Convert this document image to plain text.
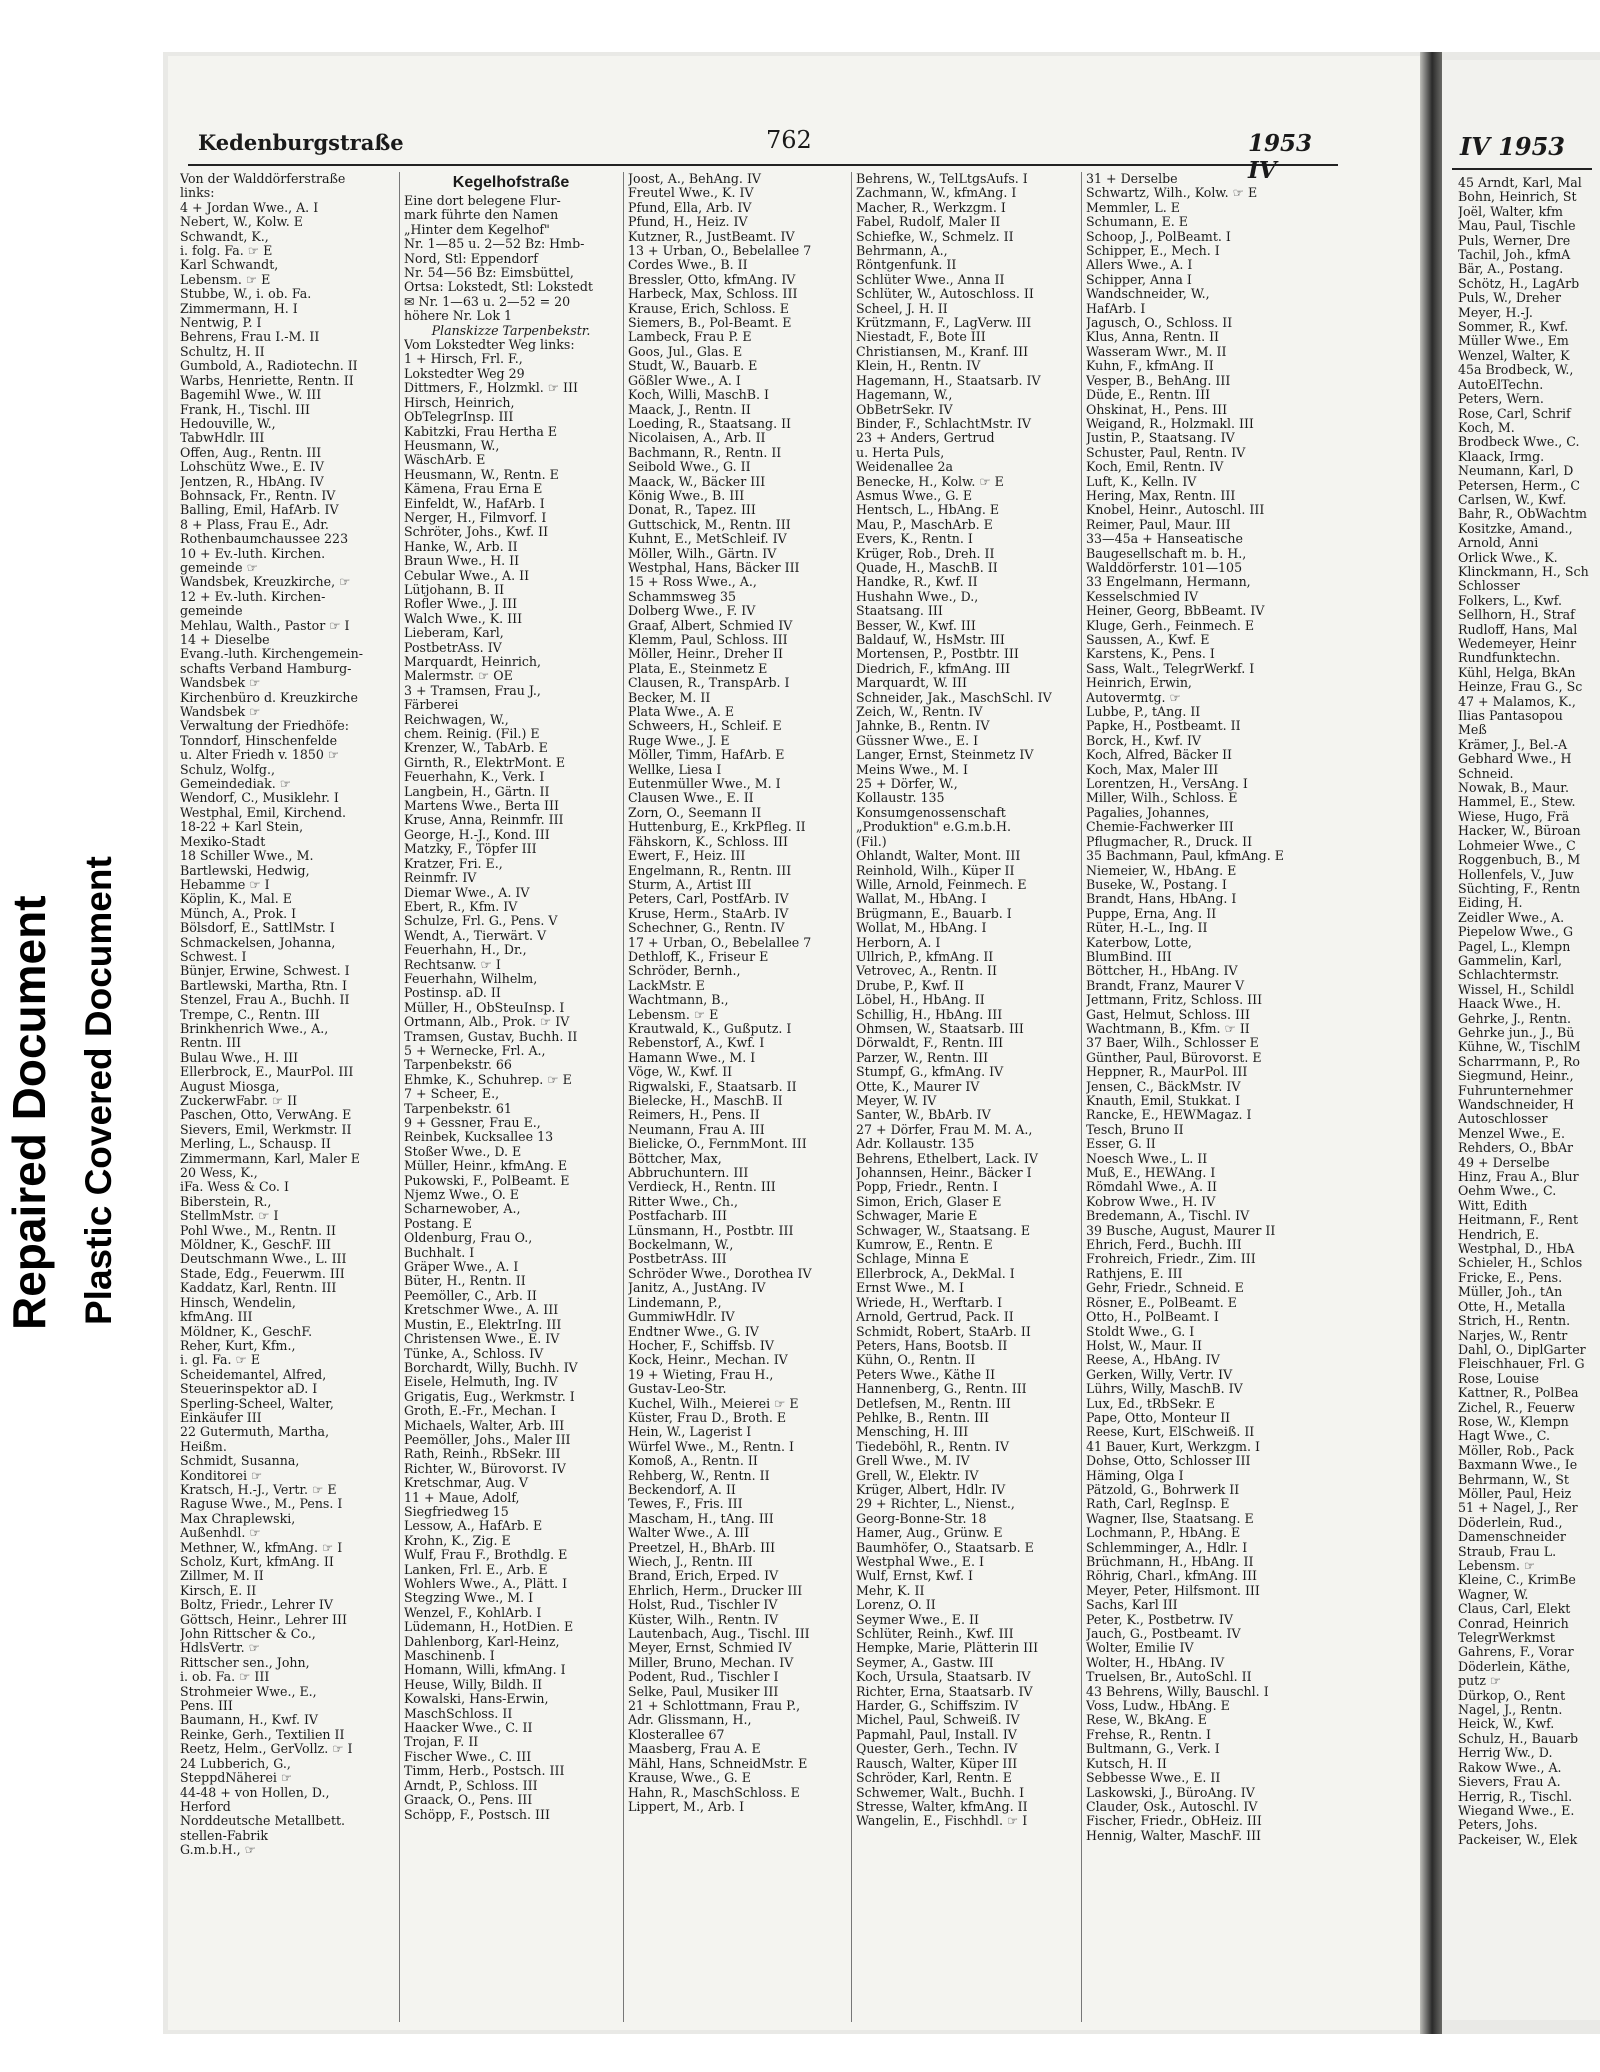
Repaired Document Plastic Covered Document
Kedenburgstraße	762	1953 IV
Von der Walddörferstraße
links:
4 + Jordan Wwe., A. I
Nebert, W., Kolw. E
Schwandt, K.,
i. folg. Fa. ☞ E
Karl Schwandt,
Lebensm. ☞ E
Stubbe, W., i. ob. Fa.
Zimmermann, H. I
Nentwig, P. I
Behrens, Frau I.-M. II
Schultz, H. II
Gumbold, A., Radiotechn. II
Warbs, Henriette, Rentn. II
Bagemihl Wwe., W. III
Frank, H., Tischl. III
Hedouville, W.,
TabwHdlr. III
Offen, Aug., Rentn. III
Lohschütz Wwe., E. IV
Jentzen, R., HbAng. IV
Bohnsack, Fr., Rentn. IV
Balling, Emil, HafArb. IV
8 + Plass, Frau E., Adr.
Rothenbaumchaussee 223
10 + Ev.-luth. Kirchen.
gemeinde ☞
Wandsbek, Kreuzkirche, ☞
12 + Ev.-luth. Kirchen-
gemeinde
Mehlau, Walth., Pastor ☞ I
14 + Dieselbe
Evang.-luth. Kirchengemein-
schafts Verband Hamburg-
Wandsbek ☞
Kirchenbüro d. Kreuzkirche
Wandsbek ☞
Verwaltung der Friedhöfe:
Tonndorf, Hinschenfelde
u. Alter Friedh v. 1850 ☞
Schulz, Wolfg.,
Gemeindediak. ☞
Wendorf, C., Musiklehr. I
Westphal, Emil, Kirchend.
18-22 + Karl Stein,
Mexiko-Stadt
18 Schiller Wwe., M.
Bartlewski, Hedwig,
Hebamme ☞ I
Köplin, K., Mal. E
Münch, A., Prok. I
Bölsdorf, E., SattlMstr. I
Schmackelsen, Johanna,
Schwest. I
Bünjer, Erwine, Schwest. I
Bartlewski, Martha, Rtn. I
Stenzel, Frau A., Buchh. II
Trempe, C., Rentn. III
Brinkhenrich Wwe., A.,
Rentn. III
Bulau Wwe., H. III
Ellerbrock, E., MaurPol. III
August Miosga,
ZuckerwFabr. ☞ II
Paschen, Otto, VerwAng. E
Sievers, Emil, Werkmstr. II
Merling, L., Schausp. II
Zimmermann, Karl, Maler E
20 Wess, K.,
iFa. Wess & Co. I
Biberstein, R.,
StellmMstr. ☞ I
Pohl Wwe., M., Rentn. II
Möldner, K., GeschF. III
Deutschmann Wwe., L. III
Stade, Edg., Feuerwm. III
Kaddatz, Karl, Rentn. III
Hinsch, Wendelin,
kfmAng. III
Möldner, K., GeschF.
Reher, Kurt, Kfm.,
i. gl. Fa. ☞ E
Scheidemantel, Alfred,
Steuerinspektor aD. I
Sperling-Scheel, Walter,
Einkäufer III
22 Gutermuth, Martha,
Heißm.
Schmidt, Susanna,
Konditorei ☞
Kratsch, H.-J., Vertr. ☞ E
Raguse Wwe., M., Pens. I
Max Chraplewski,
Außenhdl. ☞
Methner, W., kfmAng. ☞ I
Scholz, Kurt, kfmAng. II
Zillmer, M. II
Kirsch, E. II
Boltz, Friedr., Lehrer IV
Göttsch, Heinr., Lehrer III
John Rittscher & Co.,
HdlsVertr. ☞
Rittscher sen., John,
i. ob. Fa. ☞ III
Strohmeier Wwe., E.,
Pens. III
Baumann, H., Kwf. IV
Reinke, Gerh., Textilien II
Reetz, Helm., GerVollz. ☞ I
24 Lubberich, G.,
SteppdNäherei ☞
44-48 + von Hollen, D.,
Herford
Norddeutsche Metallbett.
stellen-Fabrik
G.m.b.H., ☞
Kegelhofstraße
Eine dort belegene Flur-
mark führte den Namen
„Hinter dem Kegelhof"
Nr. 1—85 u. 2—52 Bz: Hmb-
Nord, Stl: Eppendorf
Nr. 54—56 Bz: Eimsbüttel,
Ortsa: Lokstedt, Stl: Lokstedt
✉ Nr. 1—63 u. 2—52 = 20
höhere Nr. Lok 1
Planskizze Tarpenbekstr.
Vom Lokstedter Weg links:
1 + Hirsch, Frl. F.,
Lokstedter Weg 29
Dittmers, F., Holzmkl. ☞ III
Hirsch, Heinrich,
ObTelegrInsp. III
Kabitzki, Frau Hertha E
Heusmann, W.,
WäschArb. E
Heusmann, W., Rentn. E
Kämena, Frau Erna E
Einfeldt, W., HafArb. I
Nerger, H., Filmvorf. I
Schröter, Johs., Kwf. II
Hanke, W., Arb. II
Braun Wwe., H. II
Cebular Wwe., A. II
Lütjohann, B. II
Rofler Wwe., J. III
Walch Wwe., K. III
Lieberam, Karl,
PostbetrAss. IV
Marquardt, Heinrich,
Malermstr. ☞ OE
3 + Tramsen, Frau J.,
Färberei
Reichwagen, W.,
chem. Reinig. (Fil.) E
Krenzer, W., TabArb. E
Girnth, R., ElektrMont. E
Feuerhahn, K., Verk. I
Langbein, H., Gärtn. II
Martens Wwe., Berta III
Kruse, Anna, Reinmfr. III
George, H.-J., Kond. III
Matzky, F., Töpfer III
Kratzer, Fri. E.,
Reinmfr. IV
Diemar Wwe., A. IV
Ebert, R., Kfm. IV
Schulze, Frl. G., Pens. V
Wendt, A., Tierwärt. V
Feuerhahn, H., Dr.,
Rechtsanw. ☞ I
Feuerhahn, Wilhelm,
Postinsp. aD. II
Müller, H., ObSteuInsp. I
Ortmann, Alb., Prok. ☞ IV
Tramsen, Gustav, Buchh. II
5 + Wernecke, Frl. A.,
Tarpenbekstr. 66
Ehmke, K., Schuhrep. ☞ E
7 + Scheer, E.,
Tarpenbekstr. 61
9 + Gessner, Frau E.,
Reinbek, Kucksallee 13
Stoßer Wwe., D. E
Müller, Heinr., kfmAng. E
Pukowski, F., PolBeamt. E
Njemz Wwe., O. E
Scharnewober, A.,
Postang. E
Oldenburg, Frau O.,
Buchhalt. I
Gräper Wwe., A. I
Büter, H., Rentn. II
Peemöller, C., Arb. II
Kretschmer Wwe., A. III
Mustin, E., ElektrIng. III
Christensen Wwe., E. IV
Tünke, A., Schloss. IV
Borchardt, Willy, Buchh. IV
Eisele, Helmuth, Ing. IV
Grigatis, Eug., Werkmstr. I
Groth, E.-Fr., Mechan. I
Michaels, Walter, Arb. III
Peemöller, Johs., Maler III
Rath, Reinh., RbSekr. III
Richter, W., Bürovorst. IV
Kretschmar, Aug. V
11 + Maue, Adolf,
Siegfriedweg 15
Lessow, A., HafArb. E
Krohn, K., Zig. E
Wulf, Frau F., Brothdlg. E
Lanken, Frl. E., Arb. E
Wohlers Wwe., A., Plätt. I
Stegzing Wwe., M. I
Wenzel, F., KohlArb. I
Lüdemann, H., HotDien. E
Dahlenborg, Karl-Heinz,
Maschinenb. I
Homann, Willi, kfmAng. I
Heuse, Willy, Bildh. II
Kowalski, Hans-Erwin,
MaschSchloss. II
Haacker Wwe., C. II
Trojan, F. II
Fischer Wwe., C. III
Timm, Herb., Postsch. III
Arndt, P., Schloss. III
Graack, O., Pens. III
Schöpp, F., Postsch. III
Joost, A., BehAng. IV
Freutel Wwe., K. IV
Pfund, Ella, Arb. IV
Pfund, H., Heiz. IV
Kutzner, R., JustBeamt. IV
13 + Urban, O., Bebelallee 7
Cordes Wwe., B. II
Bressler, Otto, kfmAng. IV
Harbeck, Max, Schloss. III
Krause, Erich, Schloss. E
Siemers, B., Pol-Beamt. E
Lambeck, Frau P. E
Goos, Jul., Glas. E
Studt, W., Bauarb. E
Gößler Wwe., A. I
Koch, Willi, MaschB. I
Maack, J., Rentn. II
Loeding, R., Staatsang. II
Nicolaisen, A., Arb. II
Bachmann, R., Rentn. II
Seibold Wwe., G. II
Maack, W., Bäcker III
König Wwe., B. III
Donat, R., Tapez. III
Guttschick, M., Rentn. III
Kuhnt, E., MetSchleif. IV
Möller, Wilh., Gärtn. IV
Westphal, Hans, Bäcker III
15 + Ross Wwe., A.,
Schammsweg 35
Dolberg Wwe., F. IV
Graaf, Albert, Schmied IV
Klemm, Paul, Schloss. III
Möller, Heinr., Dreher II
Plata, E., Steinmetz E
Clausen, R., TranspArb. I
Becker, M. II
Plata Wwe., A. E
Schweers, H., Schleif. E
Ruge Wwe., J. E
Möller, Timm, HafArb. E
Wellke, Liesa I
Eutenmüller Wwe., M. I
Clausen Wwe., E. II
Zorn, O., Seemann II
Huttenburg, E., KrkPfleg. II
Fähskorn, K., Schloss. III
Ewert, F., Heiz. III
Engelmann, R., Rentn. III
Sturm, A., Artist III
Peters, Carl, PostfArb. IV
Kruse, Herm., StaArb. IV
Schechner, G., Rentn. IV
17 + Urban, O., Bebelallee 7
Dethloff, K., Friseur E
Schröder, Bernh.,
LackMstr. E
Wachtmann, B.,
Lebensm. ☞ E
Krautwald, K., Gußputz. I
Rebenstorf, A., Kwf. I
Hamann Wwe., M. I
Vöge, W., Kwf. II
Rigwalski, F., Staatsarb. II
Bielecke, H., MaschB. II
Reimers, H., Pens. II
Neumann, Frau A. III
Bielicke, O., FernmMont. III
Böttcher, Max,
Abbruchuntern. III
Verdieck, H., Rentn. III
Ritter Wwe., Ch.,
Postfacharb. III
Lünsmann, H., Postbtr. III
Bockelmann, W.,
PostbetrAss. III
Schröder Wwe., Dorothea IV
Janitz, A., JustAng. IV
Lindemann, P.,
GummiwHdlr. IV
Endtner Wwe., G. IV
Hocher, F., Schiffsb. IV
Kock, Heinr., Mechan. IV
19 + Wieting, Frau H.,
Gustav-Leo-Str.
Kuchel, Wilh., Meierei ☞ E
Küster, Frau D., Broth. E
Hein, W., Lagerist I
Würfel Wwe., M., Rentn. I
Komoß, A., Rentn. II
Rehberg, W., Rentn. II
Beckendorf, A. II
Tewes, F., Fris. III
Mascham, H., tAng. III
Walter Wwe., A. III
Preetzel, H., BhArb. III
Wiech, J., Rentn. III
Brand, Erich, Erped. IV
Ehrlich, Herm., Drucker III
Holst, Rud., Tischler IV
Küster, Wilh., Rentn. IV
Lautenbach, Aug., Tischl. III
Meyer, Ernst, Schmied IV
Miller, Bruno, Mechan. IV
Podent, Rud., Tischler I
Selke, Paul, Musiker III
21 + Schlottmann, Frau P.,
Adr. Glissmann, H.,
Klosterallee 67
Maasberg, Frau A. E
Mähl, Hans, SchneidMstr. E
Krause, Wwe., G. E
Hahn, R., MaschSchloss. E
Lippert, M., Arb. I
Behrens, W., TelLtgsAufs. I
Zachmann, W., kfmAng. I
Macher, R., Werkzgm. I
Fabel, Rudolf, Maler II
Schiefke, W., Schmelz. II
Behrmann, A.,
Röntgenfunk. II
Schlüter Wwe., Anna II
Schlüter, W., Autoschloss. II
Scheel, J. H. II
Krützmann, F., LagVerw. III
Niestadt, F., Bote III
Christiansen, M., Kranf. III
Klein, H., Rentn. IV
Hagemann, H., Staatsarb. IV
Hagemann, W.,
ObBetrSekr. IV
Binder, F., SchlachtMstr. IV
23 + Anders, Gertrud
u. Herta Puls,
Weidenallee 2a
Benecke, H., Kolw. ☞ E
Asmus Wwe., G. E
Hentsch, L., HbAng. E
Mau, P., MaschArb. E
Evers, K., Rentn. I
Krüger, Rob., Dreh. II
Quade, H., MaschB. II
Handke, R., Kwf. II
Hushahn Wwe., D.,
Staatsang. III
Besser, W., Kwf. III
Baldauf, W., HsMstr. III
Mortensen, P., Postbtr. III
Diedrich, F., kfmAng. III
Marquardt, W. III
Schneider, Jak., MaschSchl. IV
Zeich, W., Rentn. IV
Jahnke, B., Rentn. IV
Güssner Wwe., E. I
Langer, Ernst, Steinmetz IV
Meins Wwe., M. I
25 + Dörfer, W.,
Kollaustr. 135
Konsumgenossenschaft
„Produktion" e.G.m.b.H.
(Fil.)
Ohlandt, Walter, Mont. III
Reinhold, Wilh., Küper II
Wille, Arnold, Feinmech. E
Wallat, M., HbAng. I
Brügmann, E., Bauarb. I
Wollat, M., HbAng. I
Herborn, A. I
Ullrich, P., kfmAng. II
Vetrovec, A., Rentn. II
Drube, P., Kwf. II
Löbel, H., HbAng. II
Schillig, H., HbAng. III
Ohmsen, W., Staatsarb. III
Dörwaldt, F., Rentn. III
Parzer, W., Rentn. III
Stumpf, G., kfmAng. IV
Otte, K., Maurer IV
Meyer, W. IV
Santer, W., BbArb. IV
27 + Dörfer, Frau M. M. A.,
Adr. Kollaustr. 135
Behrens, Ethelbert, Lack. IV
Johannsen, Heinr., Bäcker I
Popp, Friedr., Rentn. I
Simon, Erich, Glaser E
Schwager, Marie E
Schwager, W., Staatsang. E
Kumrow, E., Rentn. E
Schlage, Minna E
Ellerbrock, A., DekMal. I
Ernst Wwe., M. I
Wriede, H., Werftarb. I
Arnold, Gertrud, Pack. II
Schmidt, Robert, StaArb. II
Peters, Hans, Bootsb. II
Kühn, O., Rentn. II
Peters Wwe., Käthe II
Hannenberg, G., Rentn. III
Detlefsen, M., Rentn. III
Pehlke, B., Rentn. III
Mensching, H. III
Tiedeböhl, R., Rentn. IV
Grell Wwe., M. IV
Grell, W., Elektr. IV
Krüger, Albert, Hdlr. IV
29 + Richter, L., Nienst.,
Georg-Bonne-Str. 18
Hamer, Aug., Grünw. E
Baumhöfer, O., Staatsarb. E
Westphal Wwe., E. I
Wulf, Ernst, Kwf. I
Mehr, K. II
Lorenz, O. II
Seymer Wwe., E. II
Schlüter, Reinh., Kwf. III
Hempke, Marie, Plätterin III
Seymer, A., Gastw. III
Koch, Ursula, Staatsarb. IV
Richter, Erna, Staatsarb. IV
Harder, G., Schiffszim. IV
Michel, Paul, Schweiß. IV
Papmahl, Paul, Install. IV
Quester, Gerh., Techn. IV
Rausch, Walter, Küper III
Schröder, Karl, Rentn. E
Schwemer, Walt., Buchh. I
Stresse, Walter, kfmAng. II
Wangelin, E., Fischhdl. ☞ I
31 + Derselbe
Schwartz, Wilh., Kolw. ☞ E
Memmler, L. E
Schumann, E. E
Schoop, J., PolBeamt. I
Schipper, E., Mech. I
Allers Wwe., A. I
Schipper, Anna I
Wandschneider, W.,
HafArb. I
Jagusch, O., Schloss. II
Klus, Anna, Rentn. II
Wasseram Wwr., M. II
Kuhn, F., kfmAng. II
Vesper, B., BehAng. III
Düde, E., Rentn. III
Ohskinat, H., Pens. III
Weigand, R., Holzmakl. III
Justin, P., Staatsang. IV
Schuster, Paul, Rentn. IV
Koch, Emil, Rentn. IV
Luft, K., Kelln. IV
Hering, Max, Rentn. III
Knobel, Heinr., Autoschl. III
Reimer, Paul, Maur. III
33—45a + Hanseatische
Baugesellschaft m. b. H.,
Walddörferstr. 101—105
33 Engelmann, Hermann,
Kesselschmied IV
Heiner, Georg, BbBeamt. IV
Kluge, Gerh., Feinmech. E
Saussen, A., Kwf. E
Karstens, K., Pens. I
Sass, Walt., TelegrWerkf. I
Heinrich, Erwin,
Autovermtg. ☞
Lubbe, P., tAng. II
Papke, H., Postbeamt. II
Borck, H., Kwf. IV
Koch, Alfred, Bäcker II
Koch, Max, Maler III
Lorentzen, H., VersAng. I
Miller, Wilh., Schloss. E
Pagalies, Johannes,
Chemie-Fachwerker III
Pflugmacher, R., Druck. II
35 Bachmann, Paul, kfmAng. E
Niemeier, W., HbAng. E
Buseke, W., Postang. I
Brandt, Hans, HbAng. I
Puppe, Erna, Ang. II
Rüter, H.-L., Ing. II
Katerbow, Lotte,
BlumBind. III
Böttcher, H., HbAng. IV
Brandt, Franz, Maurer V
Jettmann, Fritz, Schloss. III
Gast, Helmut, Schloss. III
Wachtmann, B., Kfm. ☞ II
37 Baer, Wilh., Schlosser E
Günther, Paul, Bürovorst. E
Heppner, R., MaurPol. III
Jensen, C., BäckMstr. IV
Knauth, Emil, Stukkat. I
Rancke, E., HEWMagaz. I
Tesch, Bruno II
Esser, G. II
Noesch Wwe., L. II
Muß, E., HEWAng. I
Römdahl Wwe., A. II
Kobrow Wwe., H. IV
Bredemann, A., Tischl. IV
39 Busche, August, Maurer II
Ehrich, Ferd., Buchh. III
Frohreich, Friedr., Zim. III
Rathjens, E. III
Gehr, Friedr., Schneid. E
Rösner, E., PolBeamt. E
Otto, H., PolBeamt. I
Stoldt Wwe., G. I
Holst, W., Maur. II
Reese, A., HbAng. IV
Gerken, Willy, Vertr. IV
Lührs, Willy, MaschB. IV
Lux, Ed., tRbSekr. E
Pape, Otto, Monteur II
Reese, Kurt, ElSchweiß. II
41 Bauer, Kurt, Werkzgm. I
Dohse, Otto, Schlosser III
Häming, Olga I
Pätzold, G., Bohrwerk II
Rath, Carl, RegInsp. E
Wagner, Ilse, Staatsang. E
Lochmann, P., HbAng. E
Schlemminger, A., Hdlr. I
Brüchmann, H., HbAng. II
Röhrig, Charl., kfmAng. III
Meyer, Peter, Hilfsmont. III
Sachs, Karl III
Peter, K., Postbetrw. IV
Jauch, G., Postbeamt. IV
Wolter, Emilie IV
Wolter, H., HbAng. IV
Truelsen, Br., AutoSchl. II
43 Behrens, Willy, Bauschl. I
Voss, Ludw., HbAng. E
Rese, W., BkAng. E
Frehse, R., Rentn. I
Bultmann, G., Verk. I
Kutsch, H. II
Sebbesse Wwe., E. II
Laskowski, J., BüroAng. IV
Clauder, Osk., Autoschl. IV
Fischer, Friedr., ObHeiz. III
Hennig, Walter, MaschF. III
IV 1953
45 Arndt, Karl, Mal
Bohn, Heinrich, St
Joël, Walter, kfm
Mau, Paul, Tischle
Puls, Werner, Dre
Tachil, Joh., kfmA
Bär, A., Postang.
Schötz, H., LagArb
Puls, W., Dreher
Meyer, H.-J.
Sommer, R., Kwf.
Müller Wwe., Em
Wenzel, Walter, K
45a Brodbeck, W.,
AutoElTechn.
Peters, Wern.
Rose, Carl, Schrif
Koch, M.
Brodbeck Wwe., C.
Klaack, Irmg.
Neumann, Karl, D
Petersen, Herm., C
Carlsen, W., Kwf.
Bahr, R., ObWachtm
Kositzke, Amand.,
Arnold, Anni
Orlick Wwe., K.
Klinckmann, H., Sch
Schlosser
Folkers, L., Kwf.
Sellhorn, H., Straf
Rudloff, Hans, Mal
Wedemeyer, Heinr
Rundfunktechn.
Kühl, Helga, BkAn
Heinze, Frau G., Sc
47 + Malamos, K.,
Ilias Pantasopou
Meß
Krämer, J., Bel.-A
Gebhard Wwe., H
Schneid.
Nowak, B., Maur.
Hammel, E., Stew.
Wiese, Hugo, Frä
Hacker, W., Büroan
Lohmeier Wwe., C
Roggenbuch, B., M
Hollenfels, V., Juw
Süchting, F., Rentn
Eiding, H.
Zeidler Wwe., A.
Piepelow Wwe., G
Pagel, L., Klempn
Gammelin, Karl,
Schlachtermstr.
Wissel, H., Schildl
Haack Wwe., H.
Gehrke, J., Rentn.
Gehrke jun., J., Bü
Kühne, W., TischlM
Scharrmann, P., Ro
Siegmund, Heinr.,
Fuhrunternehmer
Wandschneider, H
Autoschlosser
Menzel Wwe., E.
Rehders, O., BbAr
49 + Derselbe
Hinz, Frau A., Blur
Oehm Wwe., C.
Witt, Edith
Heitmann, F., Rent
Hendrich, E.
Westphal, D., HbA
Schieler, H., Schlos
Fricke, E., Pens.
Müller, Joh., tAn
Otte, H., Metalla
Strich, H., Rentn.
Narjes, W., Rentr
Dahl, O., DiplGarter
Fleischhauer, Frl. G
Rose, Louise
Kattner, R., PolBea
Zichel, R., Feuerw
Rose, W., Klempn
Hagt Wwe., C.
Möller, Rob., Pack
Baxmann Wwe., Ie
Behrmann, W., St
Möller, Paul, Heiz
51 + Nagel, J., Rer
Döderlein, Rud.,
Damenschneider
Straub, Frau L.
Lebensm. ☞
Kleine, C., KrimBe
Wagner, W.
Claus, Carl, Elekt
Conrad, Heinrich
TelegrWerkmst
Gahrens, F., Vorar
Döderlein, Käthe,
putz ☞
Dürkop, O., Rent
Nagel, J., Rentn.
Heick, W., Kwf.
Schulz, H., Bauarb
Herrig Ww., D.
Rakow Wwe., A.
Sievers, Frau A.
Herrig, R., Tischl.
Wiegand Wwe., E.
Peters, Johs.
Packeiser, W., Elek
